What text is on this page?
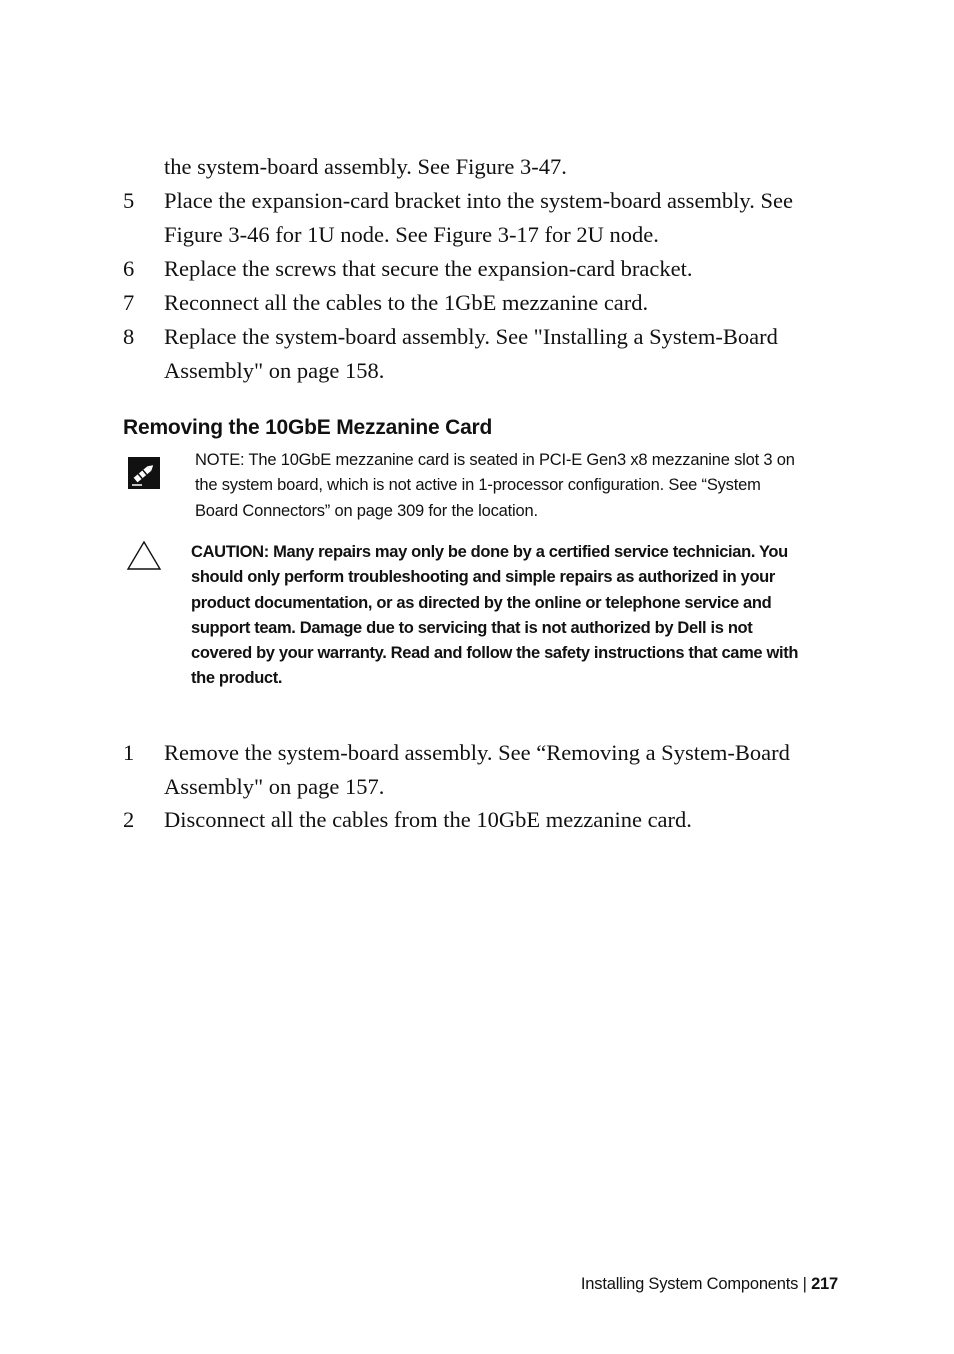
the system-board assembly. See Figure 3-47.
5 Place the expansion-card bracket into the system-board assembly. See
Figure 3-46 for 1U node. See Figure 3-17 for 2U node.
6 Replace the screws that secure the expansion-card bracket.
7 Reconnect all the cables to the 1GbE mezzanine card.
8 Replace the system-board assembly. See "Installing a System-Board
Assembly" on page 158.
Removing the 10GbE Mezzanine Card
NOTE: The 10GbE mezzanine card is seated in PCI-E Gen3 x8 mezzanine slot 3 on
the system board, which is not active in 1-processor configuration. See “System
Board Connectors” on page 309 for the location.
CAUTION: Many repairs may only be done by a certified service technician. You
should only perform troubleshooting and simple repairs as authorized in your
product documentation, or as directed by the online or telephone service and
support team. Damage due to servicing that is not authorized by Dell is not
covered by your warranty. Read and follow the safety instructions that came with
the product.
1 Remove the system-board assembly. See “Removing a System-Board
Assembly" on page 157.
2 Disconnect all the cables from the 10GbE mezzanine card.
Installing System Components | 217
